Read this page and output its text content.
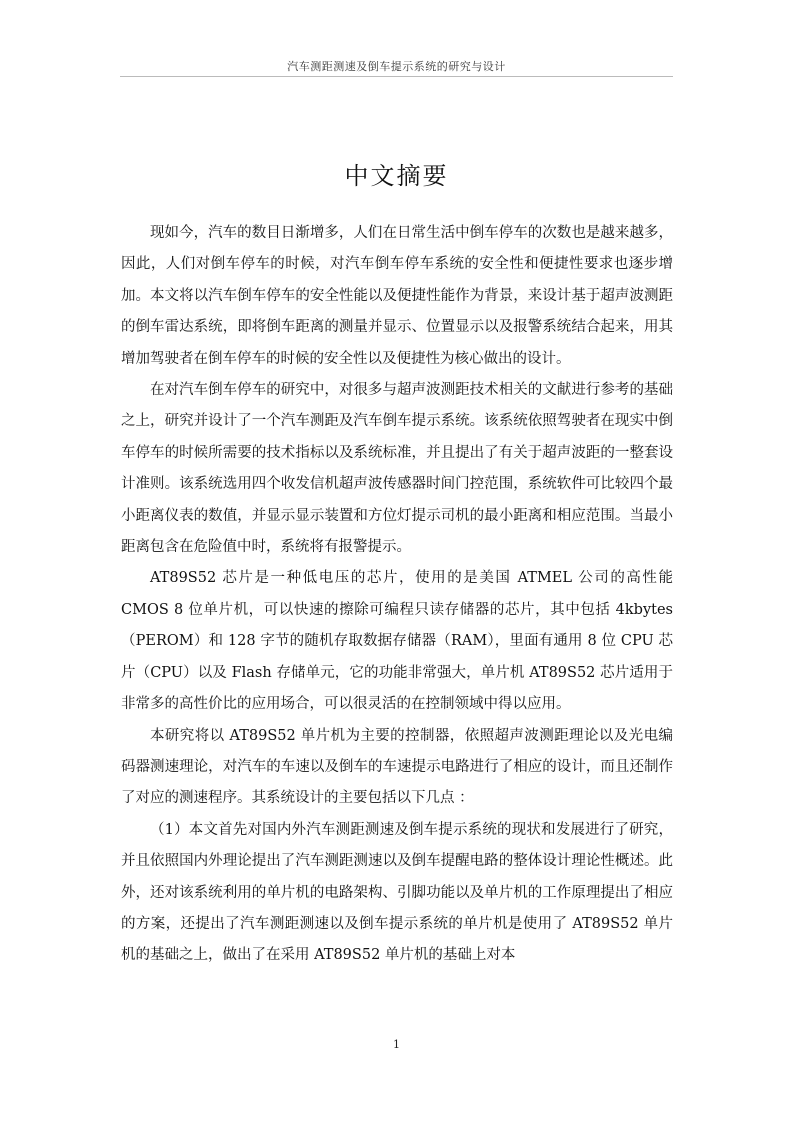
汽车测距测速及倒车提示系统的研究与设计
中文摘要

现如今，汽车的数目日渐增多，人们在日常生活中倒车停车的次数也是越来越多，因此，人们对倒车停车的时候，对汽车倒车停车系统的安全性和便捷性要求也逐步增加。本文将以汽车倒车停车的安全性能以及便捷性能作为背景，来设计基于超声波测距的倒车雷达系统，即将倒车距离的测量并显示、位置显示以及报警系统结合起来，用其增加驾驶者在倒车停车的时候的安全性以及便捷性为核心做出的设计。

在对汽车倒车停车的研究中，对很多与超声波测距技术相关的文献进行参考的基础之上，研究并设计了一个汽车测距及汽车倒车提示系统。该系统依照驾驶者在现实中倒车停车的时候所需要的技术指标以及系统标准，并且提出了有关于超声波距的一整套设计准则。该系统选用四个收发信机超声波传感器时间门控范围，系统软件可比较四个最小距离仪表的数值，并显示显示装置和方位灯提示司机的最小距离和相应范围。当最小距离包含在危险值中时，系统将有报警提示。

AT89S52 芯片是一种低电压的芯片，使用的是美国 ATMEL 公司的高性能 CMOS 8 位单片机，可以快速的擦除可编程只读存储器的芯片，其中包括 4kbytes（PEROM）和 128 字节的随机存取数据存储器（RAM），里面有通用 8 位 CPU 芯片（CPU）以及 Flash 存储单元，它的功能非常强大，单片机 AT89S52 芯片适用于非常多的高性价比的应用场合，可以很灵活的在控制领域中得以应用。

本研究将以 AT89S52 单片机为主要的控制器，依照超声波测距理论以及光电编码器测速理论，对汽车的车速以及倒车的车速提示电路进行了相应的设计，而且还制作了对应的测速程序。其系统设计的主要包括以下几点 ：

（1）本文首先对国内外汽车测距测速及倒车提示系统的现状和发展进行了研究，并且依照国内外理论提出了汽车测距测速以及倒车提醒电路的整体设计理论性概述。此外，还对该系统利用的单片机的电路架构、引脚功能以及单片机的工作原理提出了相应的方案，还提出了汽车测距测速以及倒车提示系统的单片机是使用了 AT89S52 单片机的基础之上，做出了在采用 AT89S52 单片机的基础上对本

1
